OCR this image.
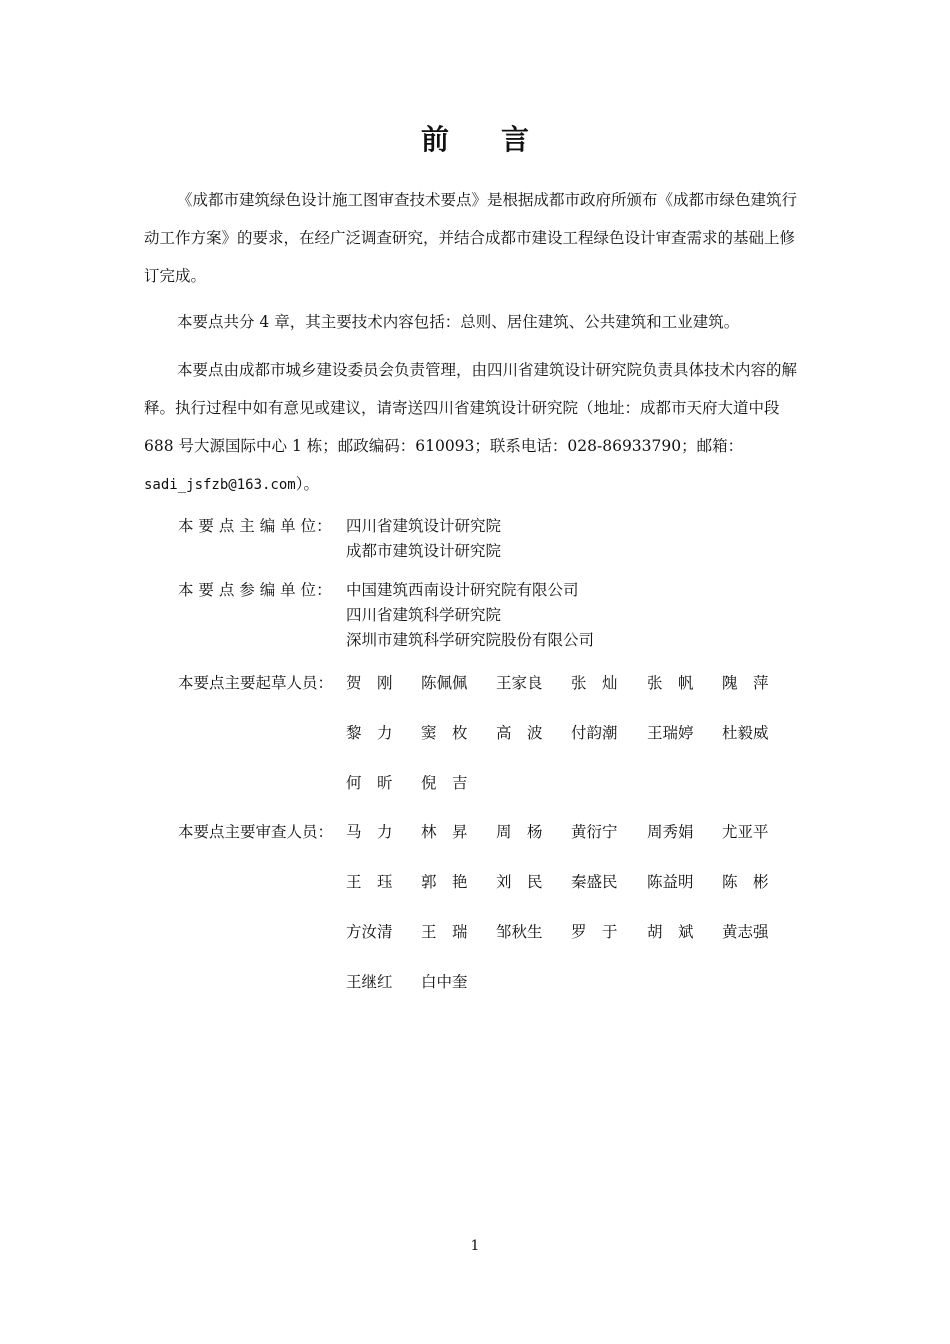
前言
《成都市建筑绿色设计施工图审查技术要点》是根据成都市政府所颁布《成都市绿色建筑行动工作方案》的要求，在经广泛调查研究，并结合成都市建设工程绿色设计审查需求的基础上修订完成。
本要点共分 4 章，其主要技术内容包括：总则、居住建筑、公共建筑和工业建筑。
本要点由成都市城乡建设委员会负责管理，由四川省建筑设计研究院负责具体技术内容的解释。执行过程中如有意见或建议，请寄送四川省建筑设计研究院（地址：成都市天府大道中段 688 号大源国际中心 1 栋；邮政编码：610093；联系电话：028-86933790；邮箱：sadi_jsfzb@163.com）。
本 要 点 主 编 单 位： 四川省建筑设计研究院
成都市建筑设计研究院
本 要 点 参 编 单 位： 中国建筑西南设计研究院有限公司
四川省建筑科学研究院
深圳市建筑科学研究院股份有限公司
本要点主要起草人员： 贺　刚	陈佩佩	王家良	张　灿	张　帆	隗　萍
黎　力	窦　枚	高　波	付韵潮	王瑞婷	杜毅威
何　昕	倪　吉
本要点主要审查人员： 马　力	林　昇	周　杨	黄衍宁	周秀娟	尤亚平
王　珏	郭　艳	刘　民	秦盛民	陈益明	陈　彬
方汝清	王　瑞	邹秋生	罗　于	胡　斌	黄志强
王继红	白中奎
1
